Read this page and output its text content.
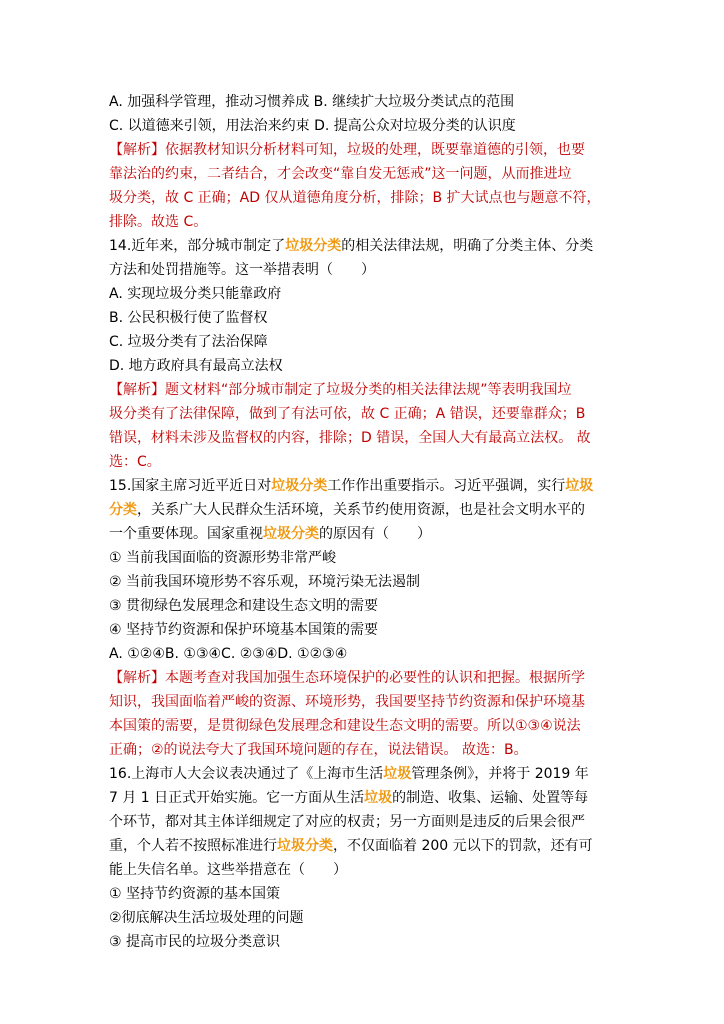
A. 加强科学管理，推动习惯养成 B. 继续扩大垃圾分类试点的范围
C. 以道德来引领，用法治来约束 D. 提高公众对垃圾分类的认识度
【解析】依据教材知识分析材料可知，垃圾的处理，既要靠道德的引领，也要
靠法治的约束，二者结合，才会改变“靠自发无惩戒”这一问题，从而推进垃
圾分类，故 C 正确；AD 仅从道德角度分析，排除；B 扩大试点也与题意不符，
排除。故选 C。
14.近年来，部分城市制定了垃圾分类的相关法律法规，明确了分类主体、分类
方法和处罚措施等。这一举措表明（　　）
A. 实现垃圾分类只能靠政府
B. 公民积极行使了监督权
C. 垃圾分类有了法治保障
D. 地方政府具有最高立法权
【解析】题文材料“部分城市制定了垃圾分类的相关法律法规”等表明我国垃
圾分类有了法律保障，做到了有法可依，故 C 正确；A 错误，还要靠群众；B
错误，材料未涉及监督权的内容，排除；D 错误，全国人大有最高立法权。 故
选：C。
15.国家主席习近平近日对垃圾分类工作作出重要指示。习近平强调，实行垃圾
分类，关系广大人民群众生活环境，关系节约使用资源，也是社会文明水平的
一个重要体现。国家重视垃圾分类的原因有（　　）
① 当前我国面临的资源形势非常严峻
② 当前我国环境形势不容乐观，环境污染无法遏制
③ 贯彻绿色发展理念和建设生态文明的需要
④ 坚持节约资源和保护环境基本国策的需要
A. ①②④B. ①③④C. ②③④D. ①②③④
【解析】本题考查对我国加强生态环境保护的必要性的认识和把握。根据所学
知识，我国面临着严峻的资源、环境形势，我国要坚持节约资源和保护环境基
本国策的需要，是贯彻绿色发展理念和建设生态文明的需要。所以①③④说法
正确；②的说法夸大了我国环境问题的存在，说法错误。 故选：B。
16.上海市人大会议表决通过了《上海市生活垃圾管理条例》，并将于 2019 年
7 月 1 日正式开始实施。它一方面从生活垃圾的制造、收集、运输、处置等每
个环节，都对其主体详细规定了对应的权责；另一方面则是违反的后果会很严
重，个人若不按照标准进行垃圾分类，不仅面临着 200 元以下的罚款，还有可
能上失信名单。这些举措意在（　　）
① 坚持节约资源的基本国策
②彻底解决生活垃圾处理的问题
③ 提高市民的垃圾分类意识
